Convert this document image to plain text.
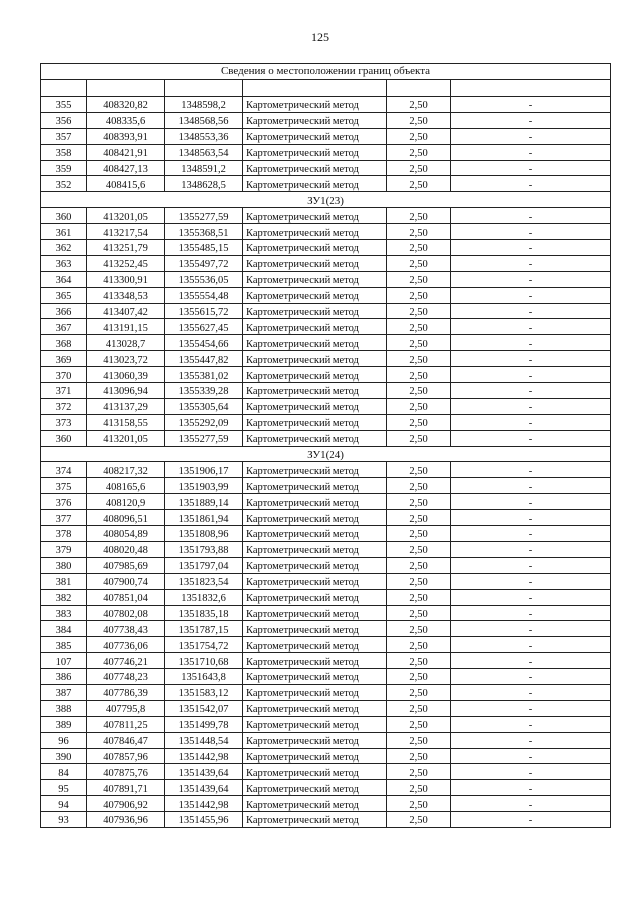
125
Сведения о местоположении границ объекта					

355	408320,82	1348598,2	Картометрический метод	2,50	-
356	408335,6	1348568,56	Картометрический метод	2,50	-
357	408393,91	1348553,36	Картометрический метод	2,50	-
358	408421,91	1348563,54	Картометрический метод	2,50	-
359	408427,13	1348591,2	Картометрический метод	2,50	-
352	408415,6	1348628,5	Картометрический метод	2,50	-
ЗУ1(23)					
360	413201,05	1355277,59	Картометрический метод	2,50	-
361	413217,54	1355368,51	Картометрический метод	2,50	-
362	413251,79	1355485,15	Картометрический метод	2,50	-
363	413252,45	1355497,72	Картометрический метод	2,50	-
364	413300,91	1355536,05	Картометрический метод	2,50	-
365	413348,53	1355554,48	Картометрический метод	2,50	-
366	413407,42	1355615,72	Картометрический метод	2,50	-
367	413191,15	1355627,45	Картометрический метод	2,50	-
368	413028,7	1355454,66	Картометрический метод	2,50	-
369	413023,72	1355447,82	Картометрический метод	2,50	-
370	413060,39	1355381,02	Картометрический метод	2,50	-
371	413096,94	1355339,28	Картометрический метод	2,50	-
372	413137,29	1355305,64	Картометрический метод	2,50	-
373	413158,55	1355292,09	Картометрический метод	2,50	-
360	413201,05	1355277,59	Картометрический метод	2,50	-
ЗУ1(24)					
374	408217,32	1351906,17	Картометрический метод	2,50	-
375	408165,6	1351903,99	Картометрический метод	2,50	-
376	408120,9	1351889,14	Картометрический метод	2,50	-
377	408096,51	1351861,94	Картометрический метод	2,50	-
378	408054,89	1351808,96	Картометрический метод	2,50	-
379	408020,48	1351793,88	Картометрический метод	2,50	-
380	407985,69	1351797,04	Картометрический метод	2,50	-
381	407900,74	1351823,54	Картометрический метод	2,50	-
382	407851,04	1351832,6	Картометрический метод	2,50	-
383	407802,08	1351835,18	Картометрический метод	2,50	-
384	407738,43	1351787,15	Картометрический метод	2,50	-
385	407736,06	1351754,72	Картометрический метод	2,50	-
107	407746,21	1351710,68	Картометрический метод	2,50	-
386	407748,23	1351643,8	Картометрический метод	2,50	-
387	407786,39	1351583,12	Картометрический метод	2,50	-
388	407795,8	1351542,07	Картометрический метод	2,50	-
389	407811,25	1351499,78	Картометрический метод	2,50	-
96	407846,47	1351448,54	Картометрический метод	2,50	-
390	407857,96	1351442,98	Картометрический метод	2,50	-
84	407875,76	1351439,64	Картометрический метод	2,50	-
95	407891,71	1351439,64	Картометрический метод	2,50	-
94	407906,92	1351442,98	Картометрический метод	2,50	-
93	407936,96	1351455,96	Картометрический метод	2,50	-
